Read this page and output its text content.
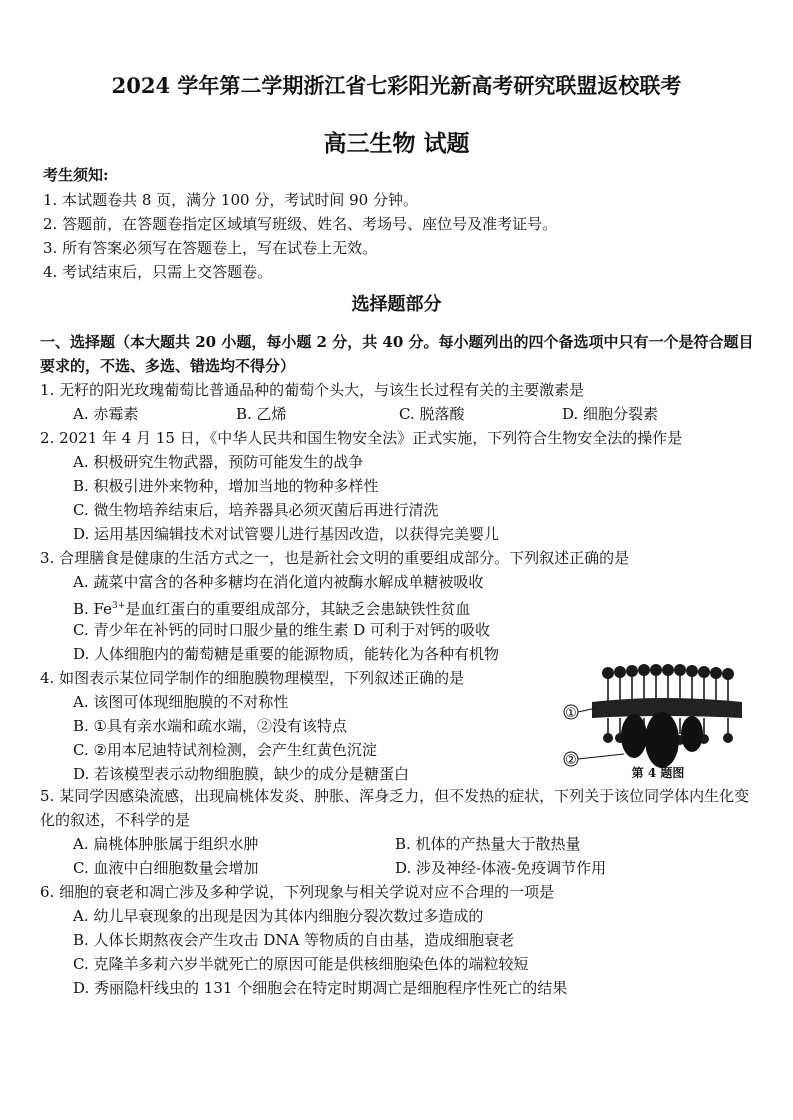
2024 学年第二学期浙江省七彩阳光新高考研究联盟返校联考
高三生物 试题
考生须知:
1. 本试题卷共 8 页，满分 100 分，考试时间 90 分钟。
2. 答题前，在答题卷指定区域填写班级、姓名、考场号、座位号及准考证号。
3. 所有答案必须写在答题卷上，写在试卷上无效。
4. 考试结束后，只需上交答题卷。
选择题部分
一、选择题（本大题共 20 小题，每小题 2 分，共 40 分。每小题列出的四个备选项中只有一个是符合题目要求的，不选、多选、错选均不得分）
1. 无籽的阳光玫瑰葡萄比普通品种的葡萄个头大，与该生长过程有关的主要激素是
A. 赤霉素	B. 乙烯	C. 脱落酸	D. 细胞分裂素
2. 2021 年 4 月 15 日，《中华人民共和国生物安全法》正式实施，下列符合生物安全法的操作是
A. 积极研究生物武器，预防可能发生的战争
B. 积极引进外来物种，增加当地的物种多样性
C. 微生物培养结束后，培养器具必须灭菌后再进行清洗
D. 运用基因编辑技术对试管婴儿进行基因改造，以获得完美婴儿
3. 合理膳食是健康的生活方式之一，也是新社会文明的重要组成部分。下列叙述正确的是
A. 蔬菜中富含的各种多糖均在消化道内被酶水解成单糖被吸收
B. $Fe^{3+}$是血红蛋白的重要组成部分，其缺乏会患缺铁性贫血
C. 青少年在补钙的同时口服少量的维生素 D 可利于对钙的吸收
D. 人体细胞内的葡萄糖是重要的能源物质，能转化为各种有机物
4. 如图表示某位同学制作的细胞膜物理模型，下列叙述正确的是
A. 该图可体现细胞膜的不对称性
B. ①具有亲水端和疏水端，②没有该特点
C. ②用本尼迪特试剂检测，会产生红黄色沉淀
D. 若该模型表示动物细胞膜，缺少的成分是糖蛋白
①
②
第 4 题图
5. 某同学因感染流感，出现扁桃体发炎、肿胀、浑身乏力，但不发热的症状，下列关于该位同学体内生化变化的叙述，不科学的是
A. 扁桃体肿胀属于组织水肿	B. 机体的产热量大于散热量
C. 血液中白细胞数量会增加	D. 涉及神经-体液-免疫调节作用
6. 细胞的衰老和凋亡涉及多种学说，下列现象与相关学说对应不合理的一项是
A. 幼儿早衰现象的出现是因为其体内细胞分裂次数过多造成的
B. 人体长期熬夜会产生攻击 DNA 等物质的自由基，造成细胞衰老
C. 克隆羊多莉六岁半就死亡的原因可能是供核细胞染色体的端粒较短
D. 秀丽隐杆线虫的 131 个细胞会在特定时期凋亡是细胞程序性死亡的结果
